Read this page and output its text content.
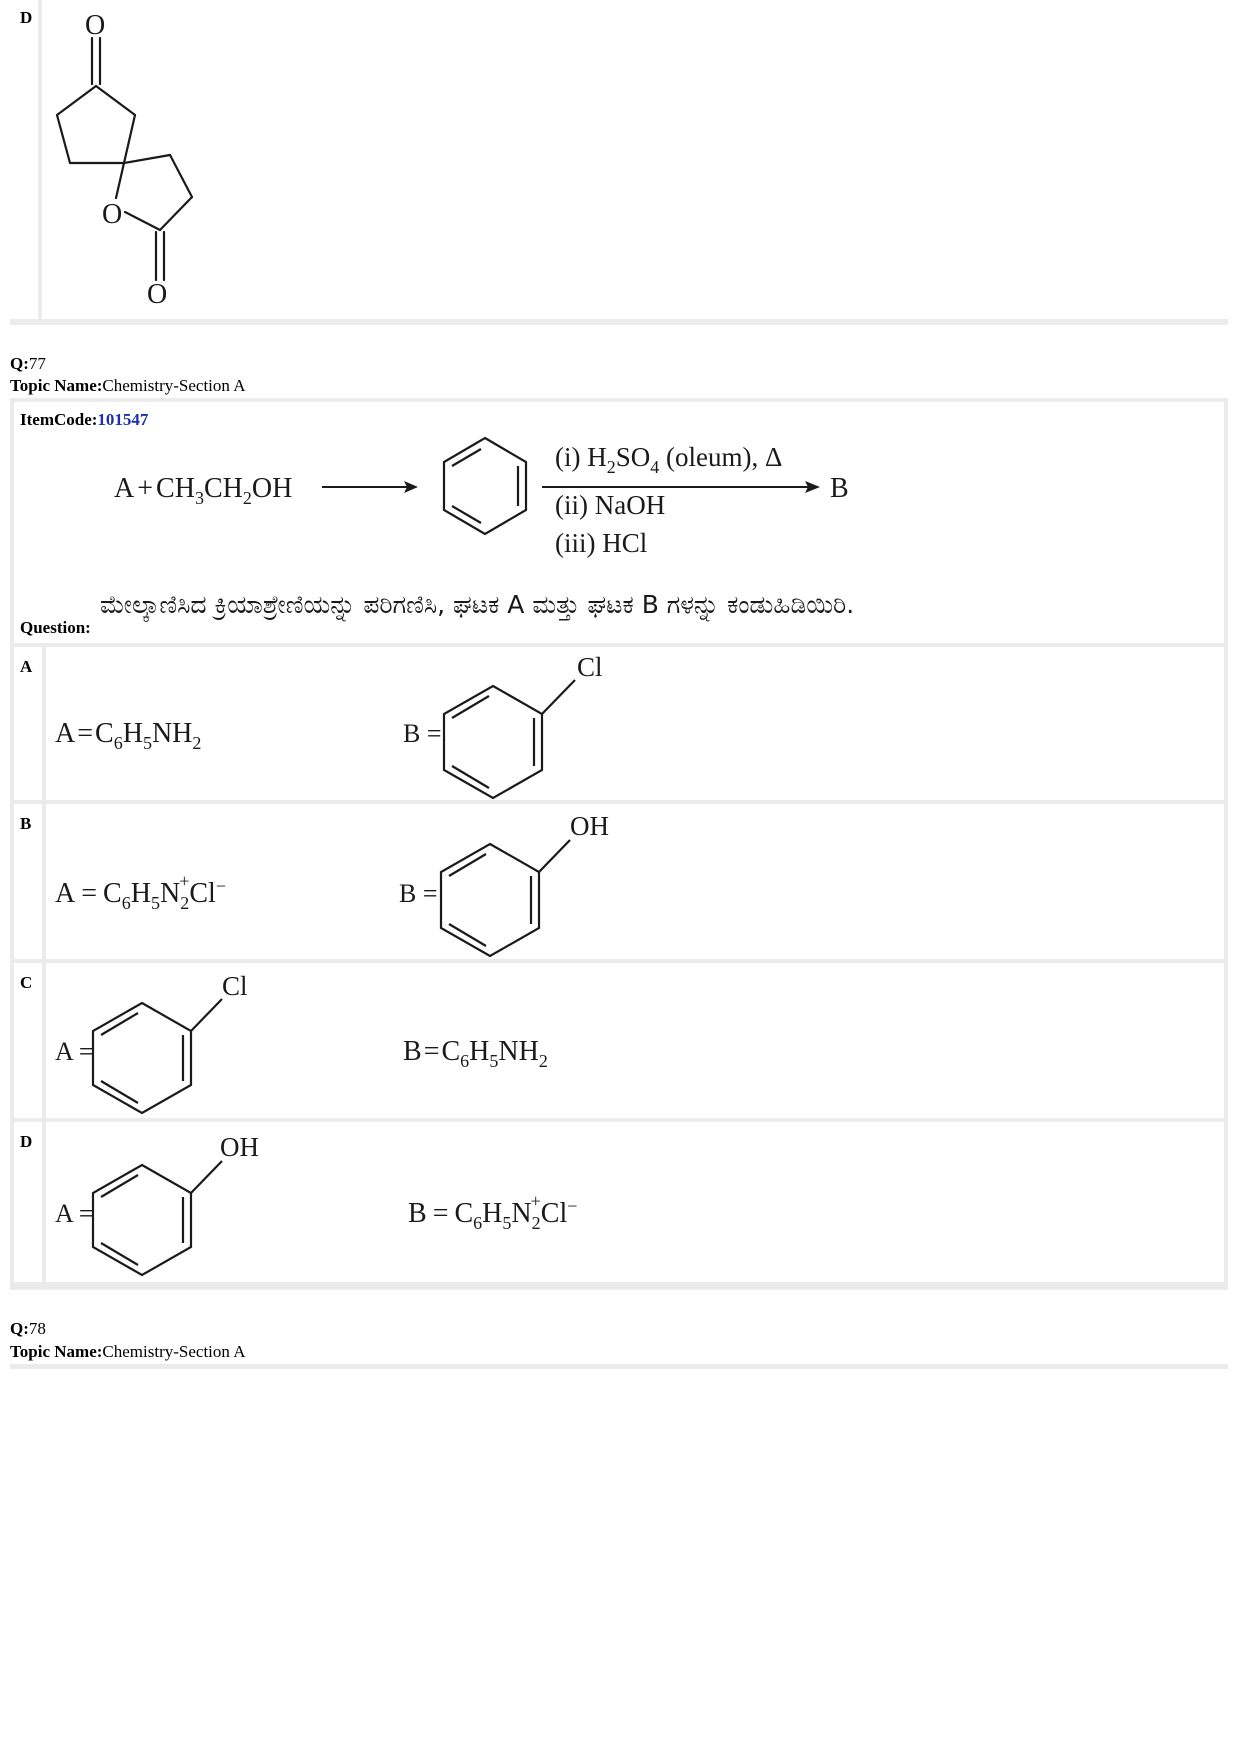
D O
O
O
Q:77
Topic Name:Chemistry-Section A
ItemCode:101547
$A + CH_3CH_2OH$
(i) $H_2SO_4$ (oleum), Δ
(ii) NaOH
(iii) HCl
B
ಮೇಲ್ಕಾಣಿಸಿದ ಕ್ರಿಯಾಶ್ರೇಣಿಯನ್ನು ಪರಿಗಣಿಸಿ, ಘಟಕ A ಮತ್ತು ಘಟಕ B ಗಳನ್ನು ಕಂಡುಹಿಡಿಯಿರಿ.
Question:
A
$A=C_6H_5NH_2$	B =
Cl
B
$A = C_6H_5N_2+Cl^-$	B =
OH
C
A =
Cl
$B=C_6H_5NH_2$
D
A =
OH
$B = C_6H_5N_2+Cl^-$
Q:78
Topic Name:Chemistry-Section A
